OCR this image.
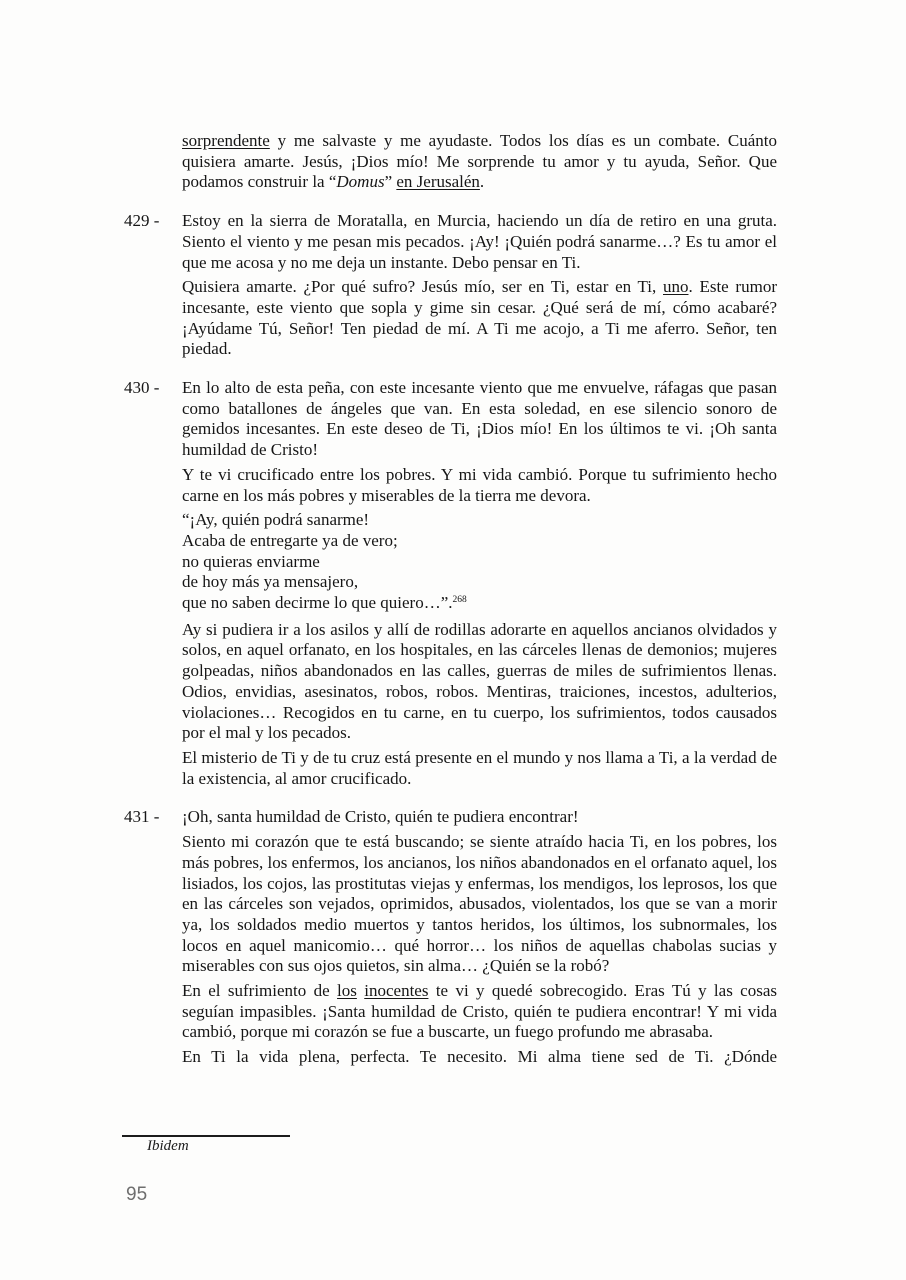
sorprendente y me salvaste y me ayudaste. Todos los días es un combate. Cuánto quisiera amarte. Jesús, ¡Dios mío! Me sorprende tu amor y tu ayuda, Señor. Que podamos construir la “Domus” en Jerusalén.

429 -	Estoy en la sierra de Moratalla, en Murcia, haciendo un día de retiro en una gruta. Siento el viento y me pesan mis pecados. ¡Ay! ¡Quién podrá sanarme…? Es tu amor el que me acosa y no me deja un instante. Debo pensar en Ti.

Quisiera amarte. ¿Por qué sufro? Jesús mío, ser en Ti, estar en Ti, uno. Este rumor incesante, este viento que sopla y gime sin cesar. ¿Qué será de mí, cómo acabaré? ¡Ayúdame Tú, Señor! Ten piedad de mí. A Ti me acojo, a Ti me aferro. Señor, ten piedad.

430 -	En lo alto de esta peña, con este incesante viento que me envuelve, ráfagas que pasan como batallones de ángeles que van. En esta soledad, en ese silencio sonoro de gemidos incesantes. En este deseo de Ti, ¡Dios mío! En los últimos te vi. ¡Oh santa humildad de Cristo!

Y te vi crucificado entre los pobres. Y mi vida cambió. Porque tu sufrimiento hecho carne en los más pobres y miserables de la tierra me devora.

“¡Ay, quién podrá sanarme!
Acaba de entregarte ya de vero;
no quieras enviarme
de hoy más ya mensajero,
que no saben decirme lo que quiero…”.$^{268}$

Ay si pudiera ir a los asilos y allí de rodillas adorarte en aquellos ancianos olvidados y solos, en aquel orfanato, en los hospitales, en las cárceles llenas de demonios; mujeres golpeadas, niños abandonados en las calles, guerras de miles de sufrimientos llenas. Odios, envidias, asesinatos, robos, robos. Mentiras, traiciones, incestos, adulterios, violaciones… Recogidos en tu carne, en tu cuerpo, los sufrimientos, todos causados por el mal y los pecados.

El misterio de Ti y de tu cruz está presente en el mundo y nos llama a Ti, a la verdad de la existencia, al amor crucificado.

431 -	¡Oh, santa humildad de Cristo, quién te pudiera encontrar!

Siento mi corazón que te está buscando; se siente atraído hacia Ti, en los pobres, los más pobres, los enfermos, los ancianos, los niños abandonados en el orfanato aquel, los lisiados, los cojos, las prostitutas viejas y enfermas, los mendigos, los leprosos, los que en las cárceles son vejados, oprimidos, abusados, violentados, los que se van a morir ya, los soldados medio muertos y tantos heridos, los últimos, los subnormales, los locos en aquel manicomio… qué horror… los niños de aquellas chabolas sucias y miserables con sus ojos quietos, sin alma… ¿Quién se la robó?

En el sufrimiento de los inocentes te vi y quedé sobrecogido. Eras Tú y las cosas seguían impasibles. ¡Santa humildad de Cristo, quién te pudiera encontrar! Y mi vida cambió, porque mi corazón se fue a buscarte, un fuego profundo me abrasaba.

En Ti la vida plena, perfecta. Te necesito. Mi alma tiene sed de Ti. ¿Dónde

Ibidem
95
